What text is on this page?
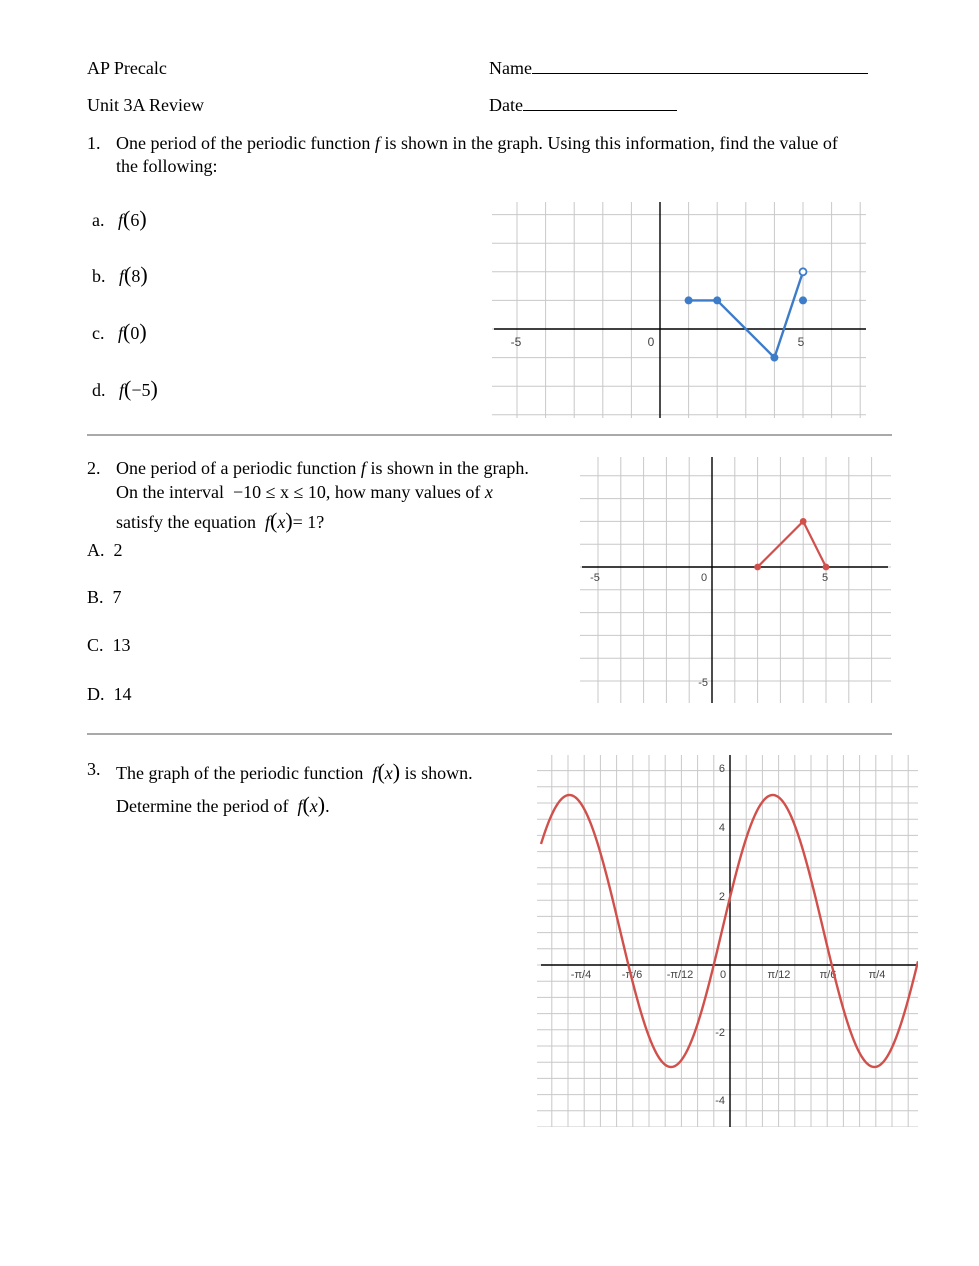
AP Precalc
Unit 3A Review
Name
Date
1. One period of the periodic function f is shown in the graph. Using this information, find the value of
the following:
a. f(6)
b. f(8)
c. f(0)
d. f(−5)
-5	0	5
2. One period of a periodic function f is shown in the graph.
On the interval −10 ≤ x ≤ 10, how many values of x
satisfy the equation f(x)= 1?
A. 2
B. 7
C. 13
D. 14
-5	0	5
-5
3. The graph of the periodic function f(x) is shown.
Determine the period of f(x).
-π/4	-π/6 -π/12 0	π/12	π/6	π/4
6
4
2
-2
-4
